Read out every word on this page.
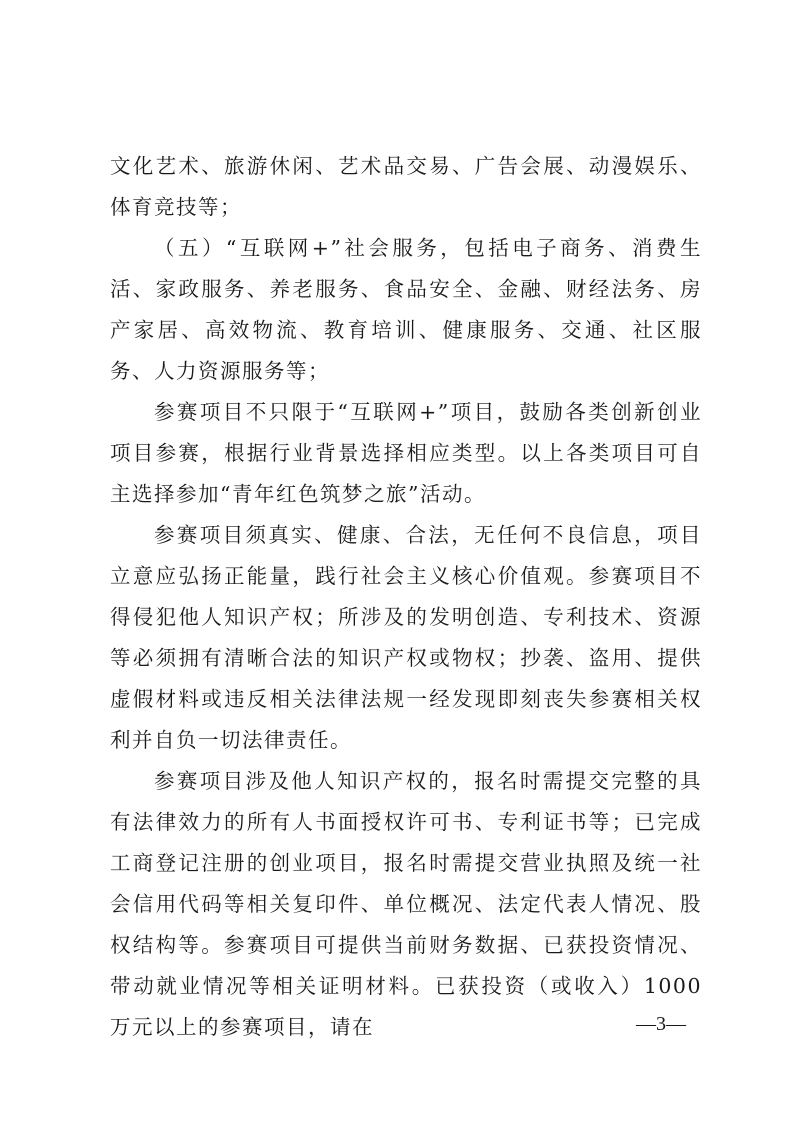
文化艺术、旅游休闲、艺术品交易、广告会展、动漫娱乐、体育竞技等；

（五）“互联网+”社会服务，包括电子商务、消费生活、家政服务、养老服务、食品安全、金融、财经法务、房产家居、高效物流、教育培训、健康服务、交通、社区服务、人力资源服务等；

参赛项目不只限于“互联网+”项目，鼓励各类创新创业项目参赛，根据行业背景选择相应类型。以上各类项目可自主选择参加“青年红色筑梦之旅”活动。

参赛项目须真实、健康、合法，无任何不良信息，项目立意应弘扬正能量，践行社会主义核心价值观。参赛项目不得侵犯他人知识产权；所涉及的发明创造、专利技术、资源等必须拥有清晰合法的知识产权或物权；抄袭、盗用、提供虚假材料或违反相关法律法规一经发现即刻丧失参赛相关权利并自负一切法律责任。

参赛项目涉及他人知识产权的，报名时需提交完整的具有法律效力的所有人书面授权许可书、专利证书等；已完成工商登记注册的创业项目，报名时需提交营业执照及统一社会信用代码等相关复印件、单位概况、法定代表人情况、股权结构等。参赛项目可提供当前财务数据、已获投资情况、带动就业情况等相关证明材料。已获投资（或收入）1000 万元以上的参赛项目，请在	—3—
